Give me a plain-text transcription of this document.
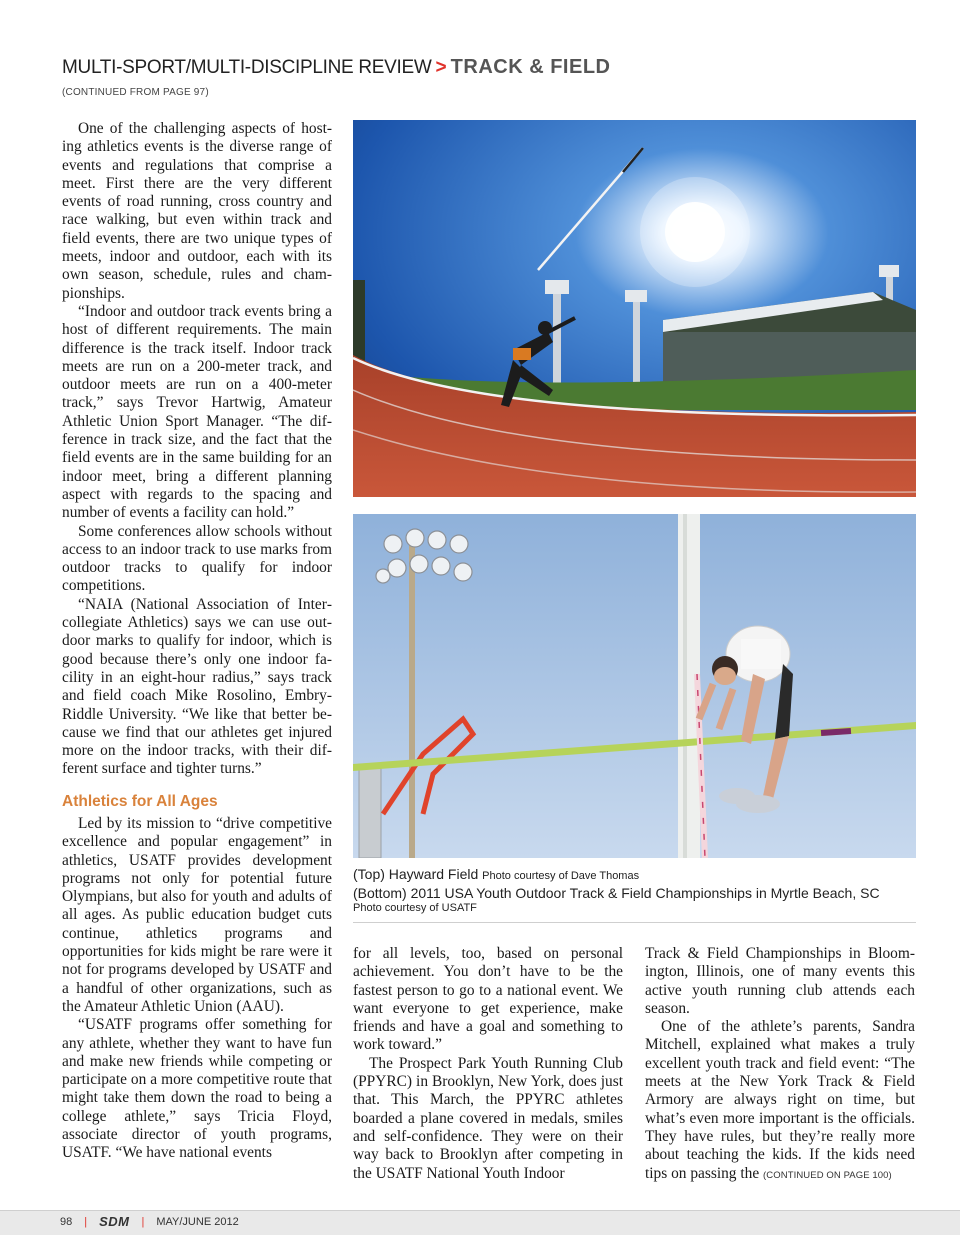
MULTI-SPORT/MULTI-DISCIPLINE REVIEW > TRACK & FIELD
(CONTINUED FROM PAGE 97)

One of the challenging aspects of hosting athletics events is the diverse range of events and regulations that comprise a meet. First there are the very different events of road running, cross country and race walking, but even within track and field events, there are two unique types of meets, indoor and outdoor, each with its own season, schedule, rules and championships.

“Indoor and outdoor track events bring a host of different requirements. The main difference is the track itself. Indoor track meets are run on a 200-meter track, and outdoor meets are run on a 400-meter track,” says Trevor Hartwig, Amateur Athletic Union Sport Manager. “The difference in track size, and the fact that the field events are in the same building for an indoor meet, bring a different planning aspect with regards to the spacing and number of events a facility can hold.”

Some conferences allow schools without access to an indoor track to use marks from outdoor tracks to qualify for indoor competitions.

“NAIA (National Association of Intercollegiate Athletics) says we can use outdoor marks to qualify for indoor, which is good because there’s only one indoor facility in an eight-hour radius,” says track and field coach Mike Rosolino, Embry-Riddle University. “We like that better because we find that our athletes get injured more on the indoor tracks, with their different surface and tighter turns.”

Athletics for All Ages

Led by its mission to “drive competitive excellence and popular engagement” in athletics, USATF provides development programs not only for potential future Olympians, but also for youth and adults of all ages. As public education budget cuts continue, athletics programs and opportunities for kids might be rare were it not for programs developed by USATF and a handful of other organizations, such as the Amateur Athletic Union (AAU).

“USATF programs offer something for any athlete, whether they want to have fun and make new friends while competing or participate on a more competitive route that might take them down the road to being a college athlete,” says Tricia Floyd, associate director of youth programs, USATF. “We have national events

(Top) Hayward Field Photo courtesy of Dave Thomas
(Bottom) 2011 USA Youth Outdoor Track & Field Championships in Myrtle Beach, SC
Photo courtesy of USATF

for all levels, too, based on personal achievement. You don’t have to be the fastest person to go to a national event. We want everyone to get experience, make friends and have a goal and something to work toward.”

The Prospect Park Youth Running Club (PPYRC) in Brooklyn, New York, does just that. This March, the PPYRC athletes boarded a plane covered in medals, smiles and self-confidence. They were on their way back to Brooklyn after competing in the USATF National Youth Indoor

Track & Field Championships in Bloomington, Illinois, one of many events this active youth running club attends each season.

One of the athlete’s parents, Sandra Mitchell, explained what makes a truly excellent youth track and field event: “The meets at the New York Track & Field Armory are always right on time, but what’s even more important is the officials. They have rules, but they’re really more about teaching the kids. If the kids need tips on passing the (CONTINUED ON PAGE 100)

98 | SDM | MAY/JUNE 2012
